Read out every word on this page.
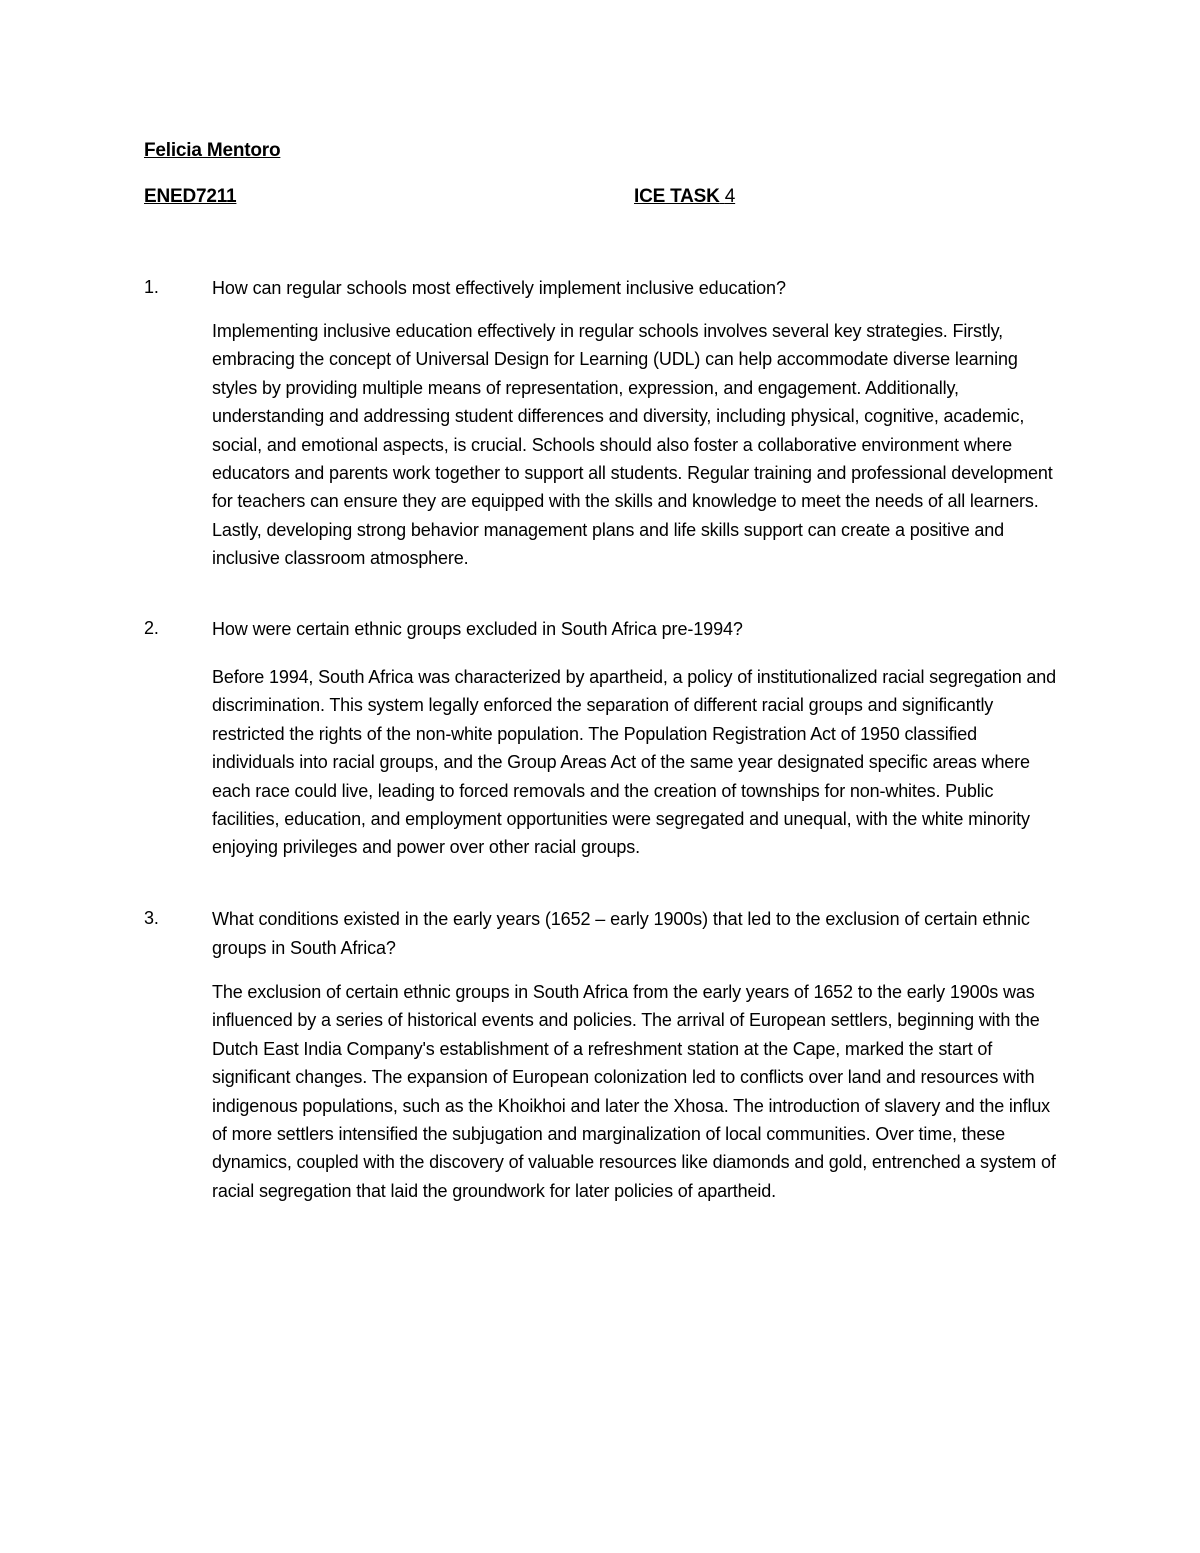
Felicia Mentoro
ENED7211	ICE TASK 4
1.	How can regular schools most effectively implement inclusive education?
Implementing inclusive education effectively in regular schools involves several key strategies. Firstly, embracing the concept of Universal Design for Learning (UDL) can help accommodate diverse learning styles by providing multiple means of representation, expression, and engagement. Additionally, understanding and addressing student differences and diversity, including physical, cognitive, academic, social, and emotional aspects, is crucial. Schools should also foster a collaborative environment where educators and parents work together to support all students. Regular training and professional development for teachers can ensure they are equipped with the skills and knowledge to meet the needs of all learners. Lastly, developing strong behavior management plans and life skills support can create a positive and inclusive classroom atmosphere.
2.	How were certain ethnic groups excluded in South Africa pre-1994?
Before 1994, South Africa was characterized by apartheid, a policy of institutionalized racial segregation and discrimination. This system legally enforced the separation of different racial groups and significantly restricted the rights of the non-white population. The Population Registration Act of 1950 classified individuals into racial groups, and the Group Areas Act of the same year designated specific areas where each race could live, leading to forced removals and the creation of townships for non-whites. Public facilities, education, and employment opportunities were segregated and unequal, with the white minority enjoying privileges and power over other racial groups.
3.	What conditions existed in the early years (1652 – early 1900s) that led to the exclusion of certain ethnic groups in South Africa?
The exclusion of certain ethnic groups in South Africa from the early years of 1652 to the early 1900s was influenced by a series of historical events and policies. The arrival of European settlers, beginning with the Dutch East India Company's establishment of a refreshment station at the Cape, marked the start of significant changes. The expansion of European colonization led to conflicts over land and resources with indigenous populations, such as the Khoikhoi and later the Xhosa. The introduction of slavery and the influx of more settlers intensified the subjugation and marginalization of local communities. Over time, these dynamics, coupled with the discovery of valuable resources like diamonds and gold, entrenched a system of racial segregation that laid the groundwork for later policies of apartheid.
